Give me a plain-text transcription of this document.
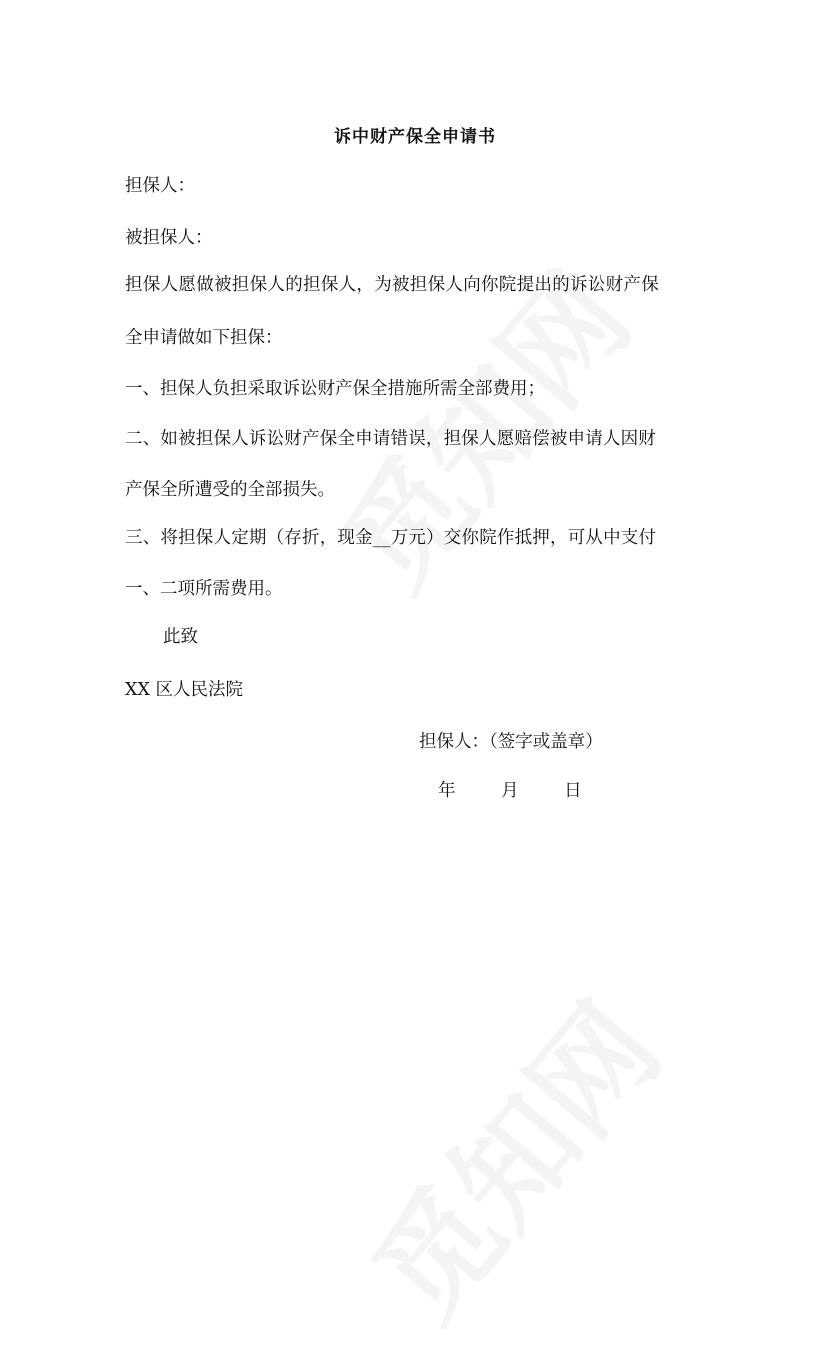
诉中财产保全申请书
担保人：
被担保人：
担保人愿做被担保人的担保人，为被担保人向你院提出的诉讼财产保
全申请做如下担保：
一、担保人负担采取诉讼财产保全措施所需全部费用；
二、如被担保人诉讼财产保全申请错误，担保人愿赔偿被申请人因财
产保全所遭受的全部损失。
三、将担保人定期（存折，现金__万元）交你院作抵押，可从中支付
一、二项所需费用。
此致
XX 区人民法院
担保人：（签字或盖章）
年	月	日
